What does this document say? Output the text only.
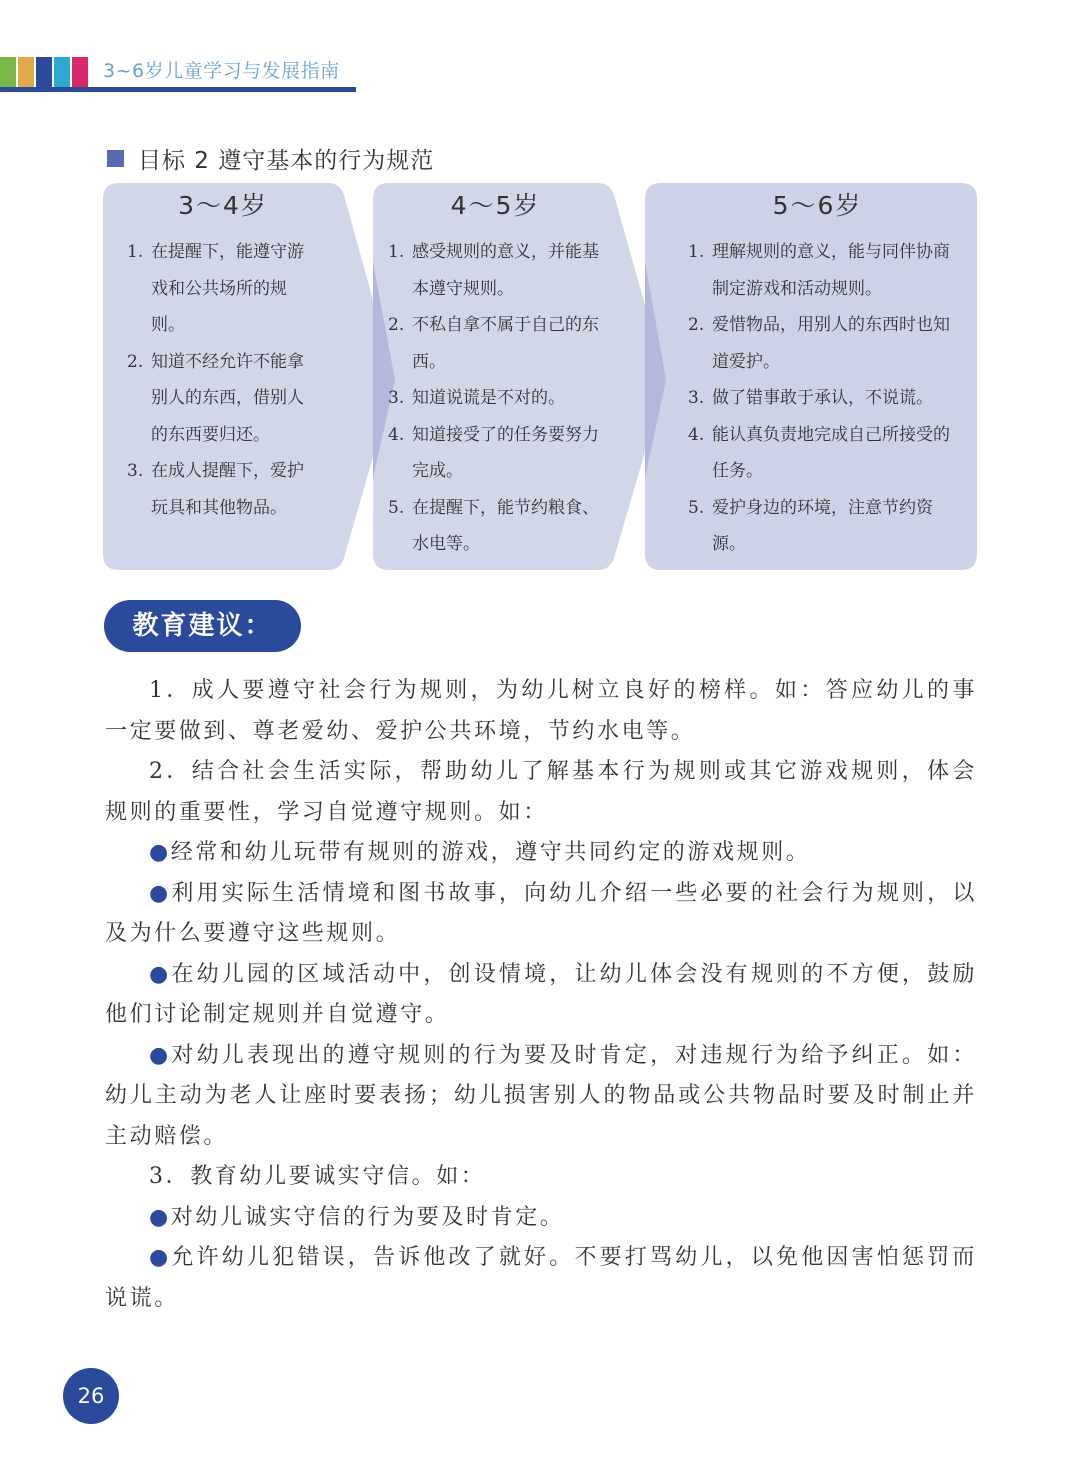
3~6岁儿童学习与发展指南
目标 2 遵守基本的行为规范
3～4岁
1. 在提醒下，能遵守游戏和公共场所的规则。
2. 知道不经允许不能拿别人的东西，借别人的东西要归还。
3. 在成人提醒下，爱护玩具和其他物品。
4～5岁
1. 感受规则的意义，并能基本遵守规则。
2. 不私自拿不属于自己的东西。
3. 知道说谎是不对的。
4. 知道接受了的任务要努力完成。
5. 在提醒下，能节约粮食、水电等。
5～6岁
1. 理解规则的意义，能与同伴协商制定游戏和活动规则。
2. 爱惜物品，用别人的东西时也知道爱护。
3. 做了错事敢于承认，不说谎。
4. 能认真负责地完成自己所接受的任务。
5. 爱护身边的环境，注意节约资源。
教育建议：

1．成人要遵守社会行为规则，为幼儿树立良好的榜样。如：答应幼儿的事一定要做到、尊老爱幼、爱护公共环境，节约水电等。

2．结合社会生活实际，帮助幼儿了解基本行为规则或其它游戏规则，体会规则的重要性，学习自觉遵守规则。如：

●经常和幼儿玩带有规则的游戏，遵守共同约定的游戏规则。

●利用实际生活情境和图书故事，向幼儿介绍一些必要的社会行为规则，以及为什么要遵守这些规则。

●在幼儿园的区域活动中，创设情境，让幼儿体会没有规则的不方便，鼓励他们讨论制定规则并自觉遵守。

●对幼儿表现出的遵守规则的行为要及时肯定，对违规行为给予纠正。如：幼儿主动为老人让座时要表扬；幼儿损害别人的物品或公共物品时要及时制止并主动赔偿。

3．教育幼儿要诚实守信。如：

●对幼儿诚实守信的行为要及时肯定。

●允许幼儿犯错误，告诉他改了就好。不要打骂幼儿，以免他因害怕惩罚而说谎。

26
